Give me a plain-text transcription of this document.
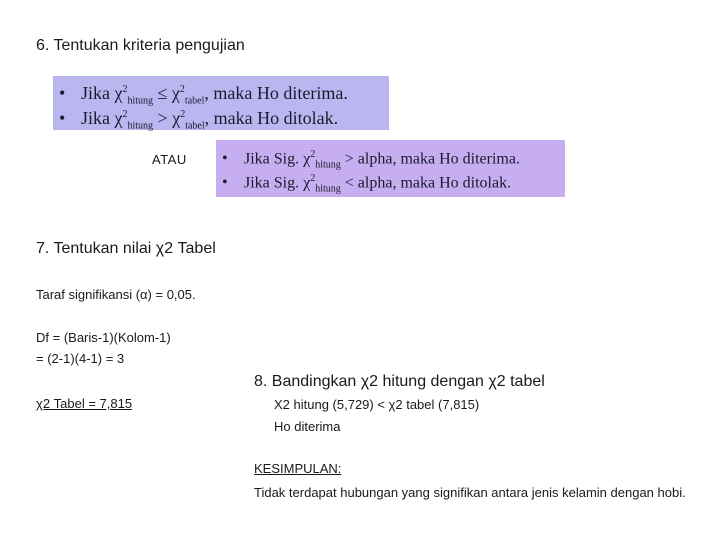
6. Tentukan kriteria pengujian
• Jika $\chi^2_{hitung} \le \chi^2_{tabel}$, maka Ho diterima.
• Jika $\chi^2_{hitung} > \chi^2_{tabel}$, maka Ho ditolak.
ATAU • Jika Sig. $\chi^2_{hitung}$ > alpha, maka Ho diterima.
• Jika Sig. $\chi^2_{hitung}$ < alpha, maka Ho ditolak.
7. Tentukan nilai χ2 Tabel
Taraf signifikansi (α) = 0,05.
Df = (Baris-1)(Kolom-1)
= (2-1)(4-1) = 3
χ2 Tabel = 7,815
8. Bandingkan χ2 hitung dengan χ2 tabel
X2 hitung (5,729) < χ2 tabel (7,815)
Ho diterima
KESIMPULAN:
Tidak terdapat hubungan yang signifikan antara jenis kelamin dengan hobi.
